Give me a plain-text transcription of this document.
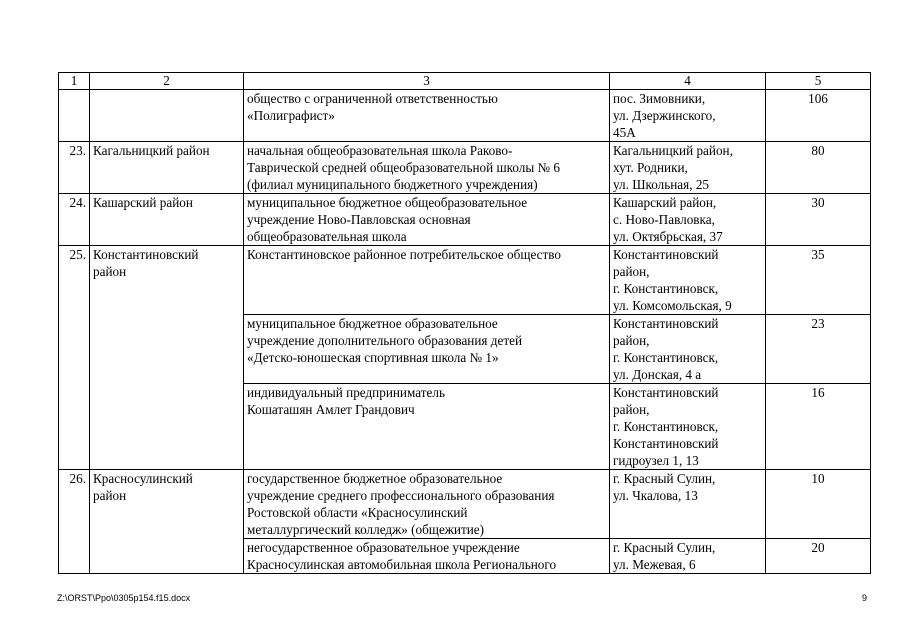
1	2	3	4	5

		общество с ограниченной ответственностью
«Полиграфист»	пос. Зимовники,
ул. Дзержинского,
45А	106
23.	Кагальницкий район	начальная общеобразовательная школа Раково-
Таврической средней общеобразовательной школы № 6
(филиал муниципального бюджетного учреждения)	Кагальницкий район,
хут. Родники,
ул. Школьная, 25	80
24.	Кашарский район	муниципальное бюджетное общеобразовательное
учреждение Ново-Павловская основная
общеобразовательная школа	Кашарский район,
с. Ново-Павловка,
ул. Октябрьская, 37	30
25.	Константиновский
район	Константиновское районное потребительское общество	Константиновский
район,
г. Константиновск,
ул. Комсомольская, 9	35

		муниципальное бюджетное образовательное
учреждение дополнительного образования детей
«Детско-юношеская спортивная школа № 1»	Константиновский
район,
г. Константиновск,
ул. Донская, 4 а	23

		индивидуальный предприниматель
Кошаташян Амлет Грандович	Константиновский
район,
г. Константиновск,
Константиновский
гидроузел 1, 13	16
26.	Красносулинский
район	государственное бюджетное образовательное
учреждение среднего профессионального образования
Ростовской области «Красносулинский
металлургический колледж» (общежитие)	г. Красный Сулин,
ул. Чкалова, 13	10

		негосударственное образовательное учреждение
Красносулинская автомобильная школа Регионального	г. Красный Сулин,
ул. Межевая, 6	20
Z:\ORST\Ppo\0305p154.f15.docx	9
